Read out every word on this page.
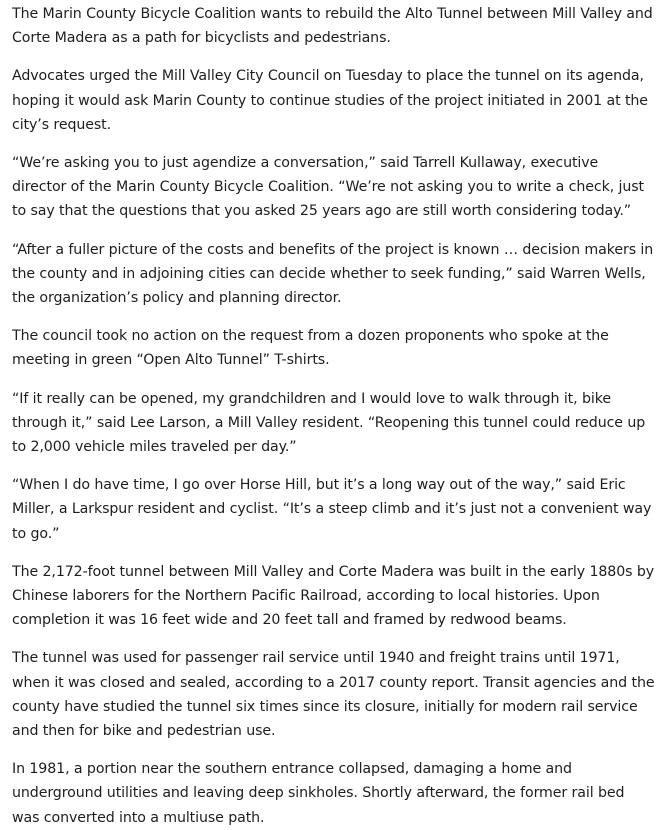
The Marin County Bicycle Coalition wants to rebuild the Alto Tunnel between Mill Valley and Corte Madera as a path for bicyclists and pedestrians.

Advocates urged the Mill Valley City Council on Tuesday to place the tunnel on its agenda, hoping it would ask Marin County to continue studies of the project initiated in 2001 at the city’s request.

“We’re asking you to just agendize a conversation,” said Tarrell Kullaway, executive director of the Marin County Bicycle Coalition. “We’re not asking you to write a check, just to say that the questions that you asked 25 years ago are still worth considering today.”

“After a fuller picture of the costs and benefits of the project is known … decision makers in the county and in adjoining cities can decide whether to seek funding,” said Warren Wells, the organization’s policy and planning director.

The council took no action on the request from a dozen proponents who spoke at the meeting in green “Open Alto Tunnel” T-shirts.

“If it really can be opened, my grandchildren and I would love to walk through it, bike through it,” said Lee Larson, a Mill Valley resident. “Reopening this tunnel could reduce up to 2,000 vehicle miles traveled per day.”

“When I do have time, I go over Horse Hill, but it’s a long way out of the way,” said Eric Miller, a Larkspur resident and cyclist. “It’s a steep climb and it’s just not a convenient way to go.”

The 2,172-foot tunnel between Mill Valley and Corte Madera was built in the early 1880s by Chinese laborers for the Northern Pacific Railroad, according to local histories. Upon completion it was 16 feet wide and 20 feet tall and framed by redwood beams.

The tunnel was used for passenger rail service until 1940 and freight trains until 1971, when it was closed and sealed, according to a 2017 county report. Transit agencies and the county have studied the tunnel six times since its closure, initially for modern rail service and then for bike and pedestrian use.

In 1981, a portion near the southern entrance collapsed, damaging a home and underground utilities and leaving deep sinkholes. Shortly afterward, the former rail bed was converted into a multiuse path.
